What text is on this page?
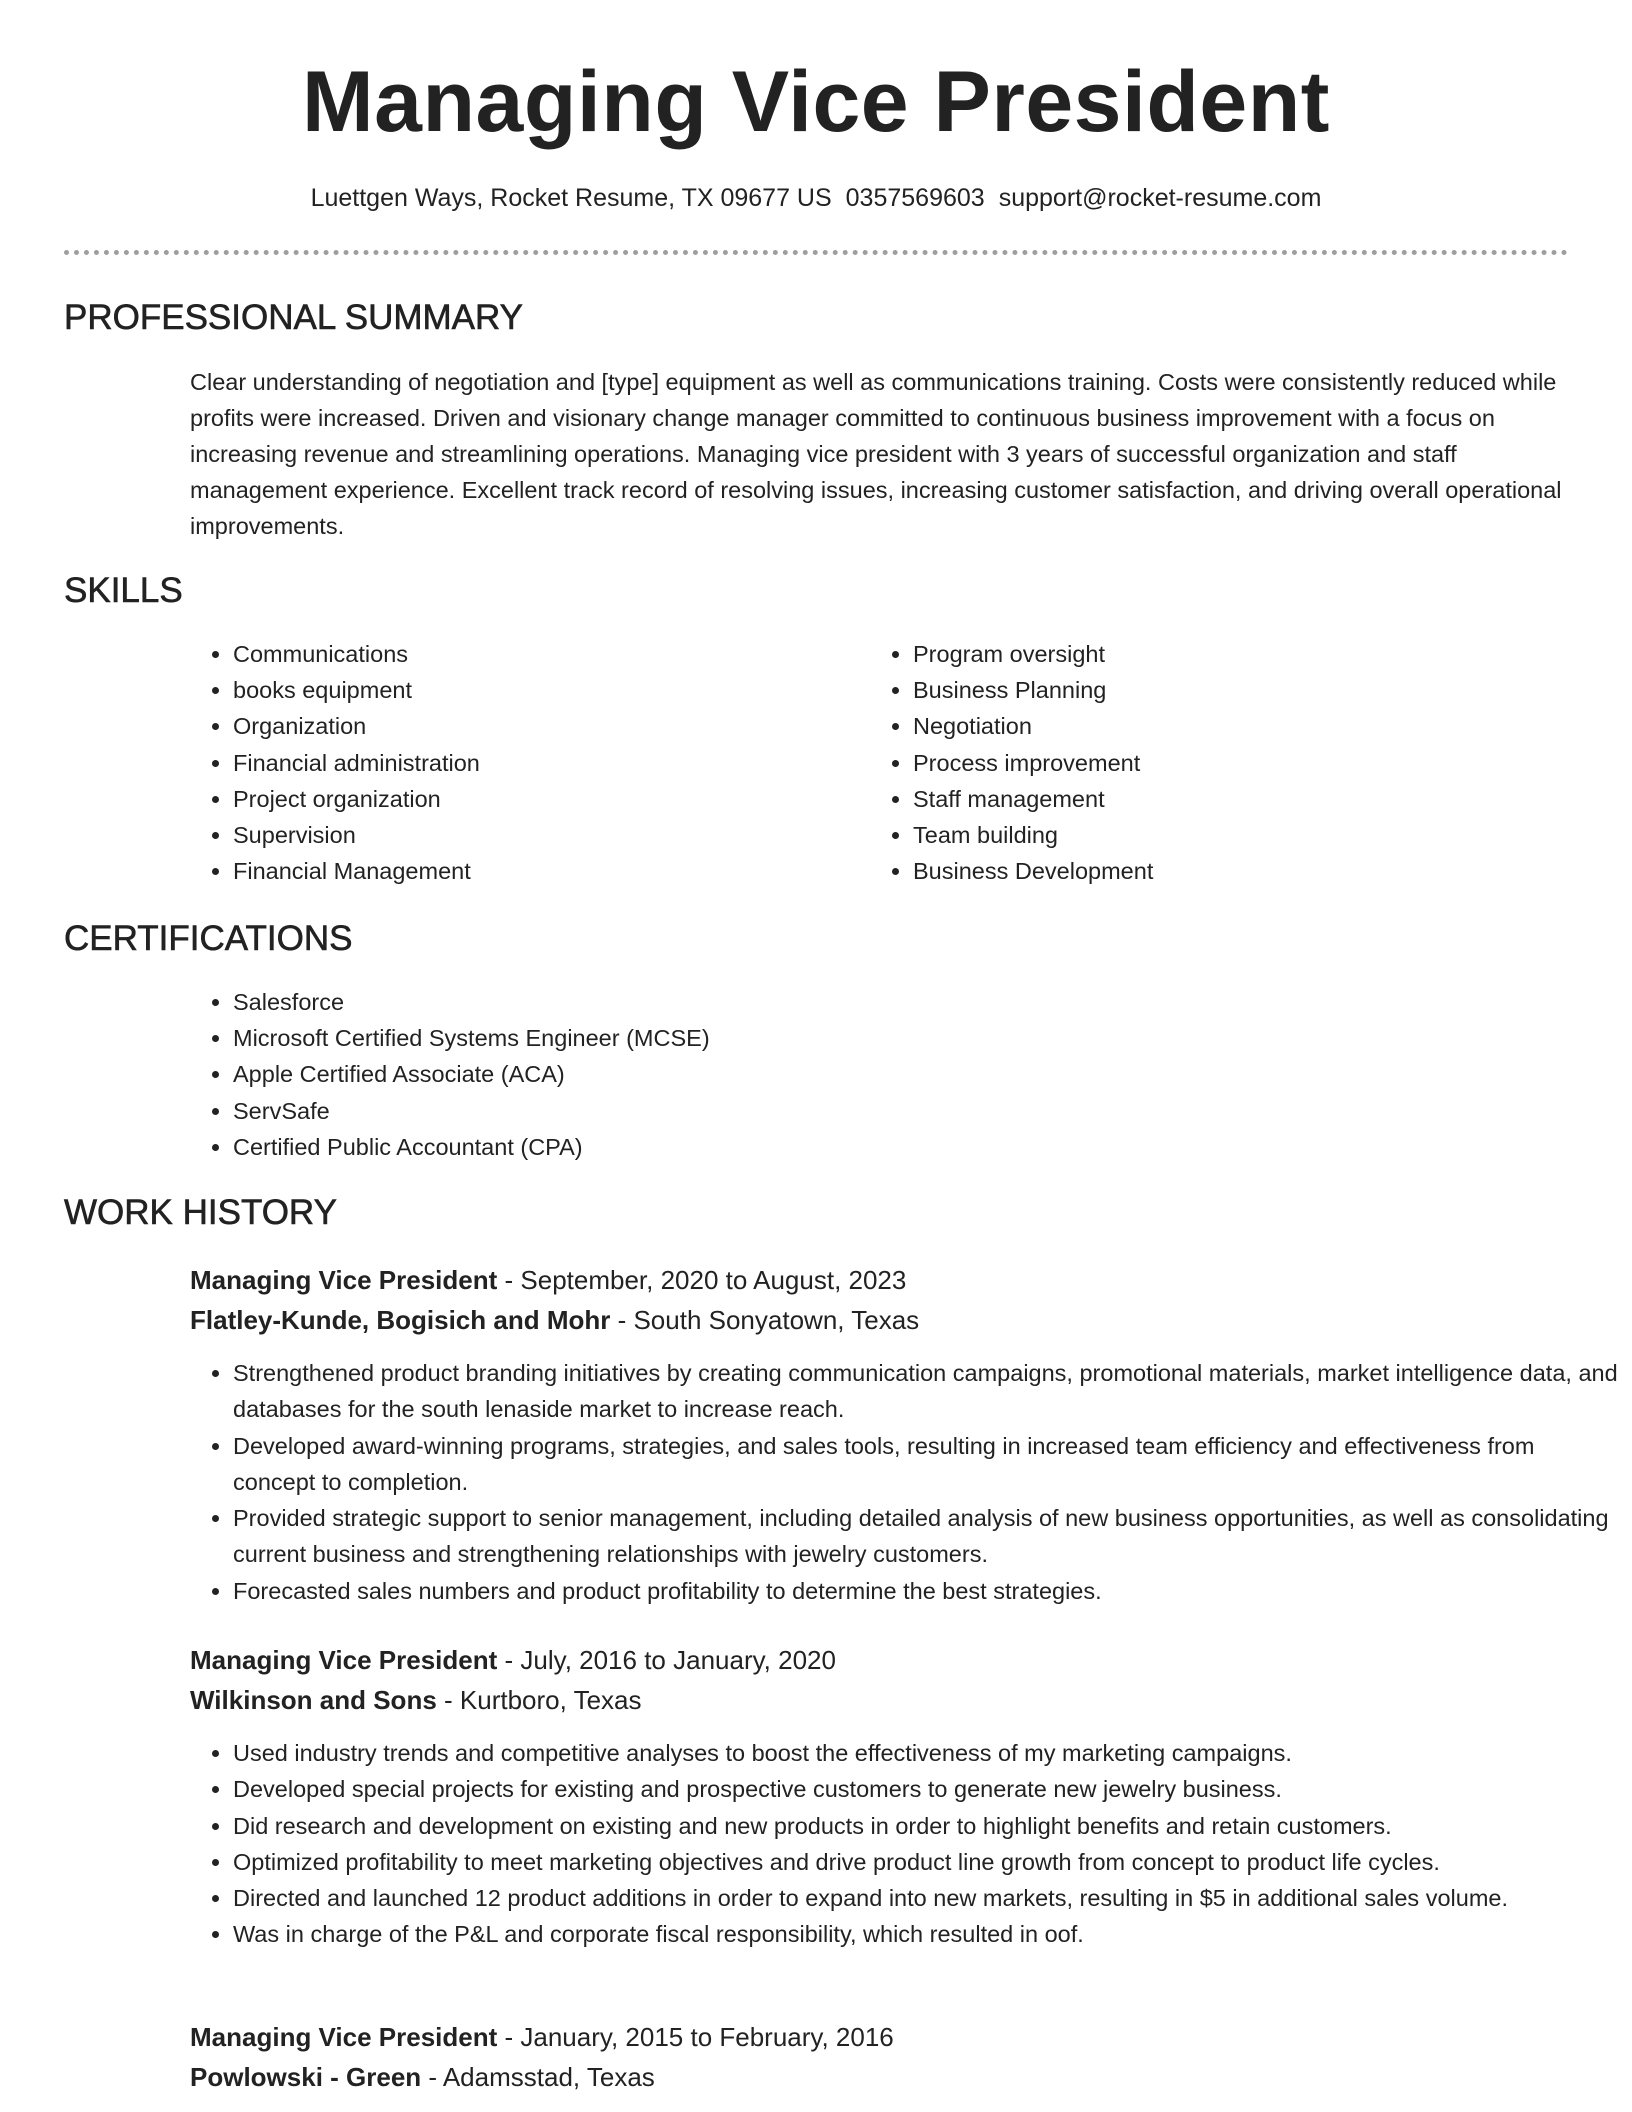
Managing Vice President
Luettgen Ways, Rocket Resume, TX 09677 US 0357569603 support@rocket-resume.com
PROFESSIONAL SUMMARY

Clear understanding of negotiation and [type] equipment as well as communications training. Costs were consistently reduced while profits were increased. Driven and visionary change manager committed to continuous business improvement with a focus on increasing revenue and streamlining operations. Managing vice president with 3 years of successful organization and staff management experience. Excellent track record of resolving issues, increasing customer satisfaction, and driving overall operational improvements.

SKILLS
• Communications
• books equipment
• Organization
• Financial administration
• Project organization
• Supervision
• Financial Management
• Program oversight
• Business Planning
• Negotiation
• Process improvement
• Staff management
• Team building
• Business Development
CERTIFICATIONS
• Salesforce
• Microsoft Certified Systems Engineer (MCSE)
• Apple Certified Associate (ACA)
• ServSafe
• Certified Public Accountant (CPA)
WORK HISTORY
Managing Vice President - September, 2020 to August, 2023
Flatley-Kunde, Bogisich and Mohr - South Sonyatown, Texas
• Strengthened product branding initiatives by creating communication campaigns, promotional materials, market intelligence data, and databases for the south lenaside market to increase reach.
• Developed award-winning programs, strategies, and sales tools, resulting in increased team efficiency and effectiveness from concept to completion.
• Provided strategic support to senior management, including detailed analysis of new business opportunities, as well as consolidating current business and strengthening relationships with jewelry customers.
• Forecasted sales numbers and product profitability to determine the best strategies.
Managing Vice President - July, 2016 to January, 2020
Wilkinson and Sons - Kurtboro, Texas
• Used industry trends and competitive analyses to boost the effectiveness of my marketing campaigns.
• Developed special projects for existing and prospective customers to generate new jewelry business.
• Did research and development on existing and new products in order to highlight benefits and retain customers.
• Optimized profitability to meet marketing objectives and drive product line growth from concept to product life cycles.
• Directed and launched 12 product additions in order to expand into new markets, resulting in $5 in additional sales volume.
• Was in charge of the P&L and corporate fiscal responsibility, which resulted in oof.
Managing Vice President - January, 2015 to February, 2016
Powlowski - Green - Adamsstad, Texas
